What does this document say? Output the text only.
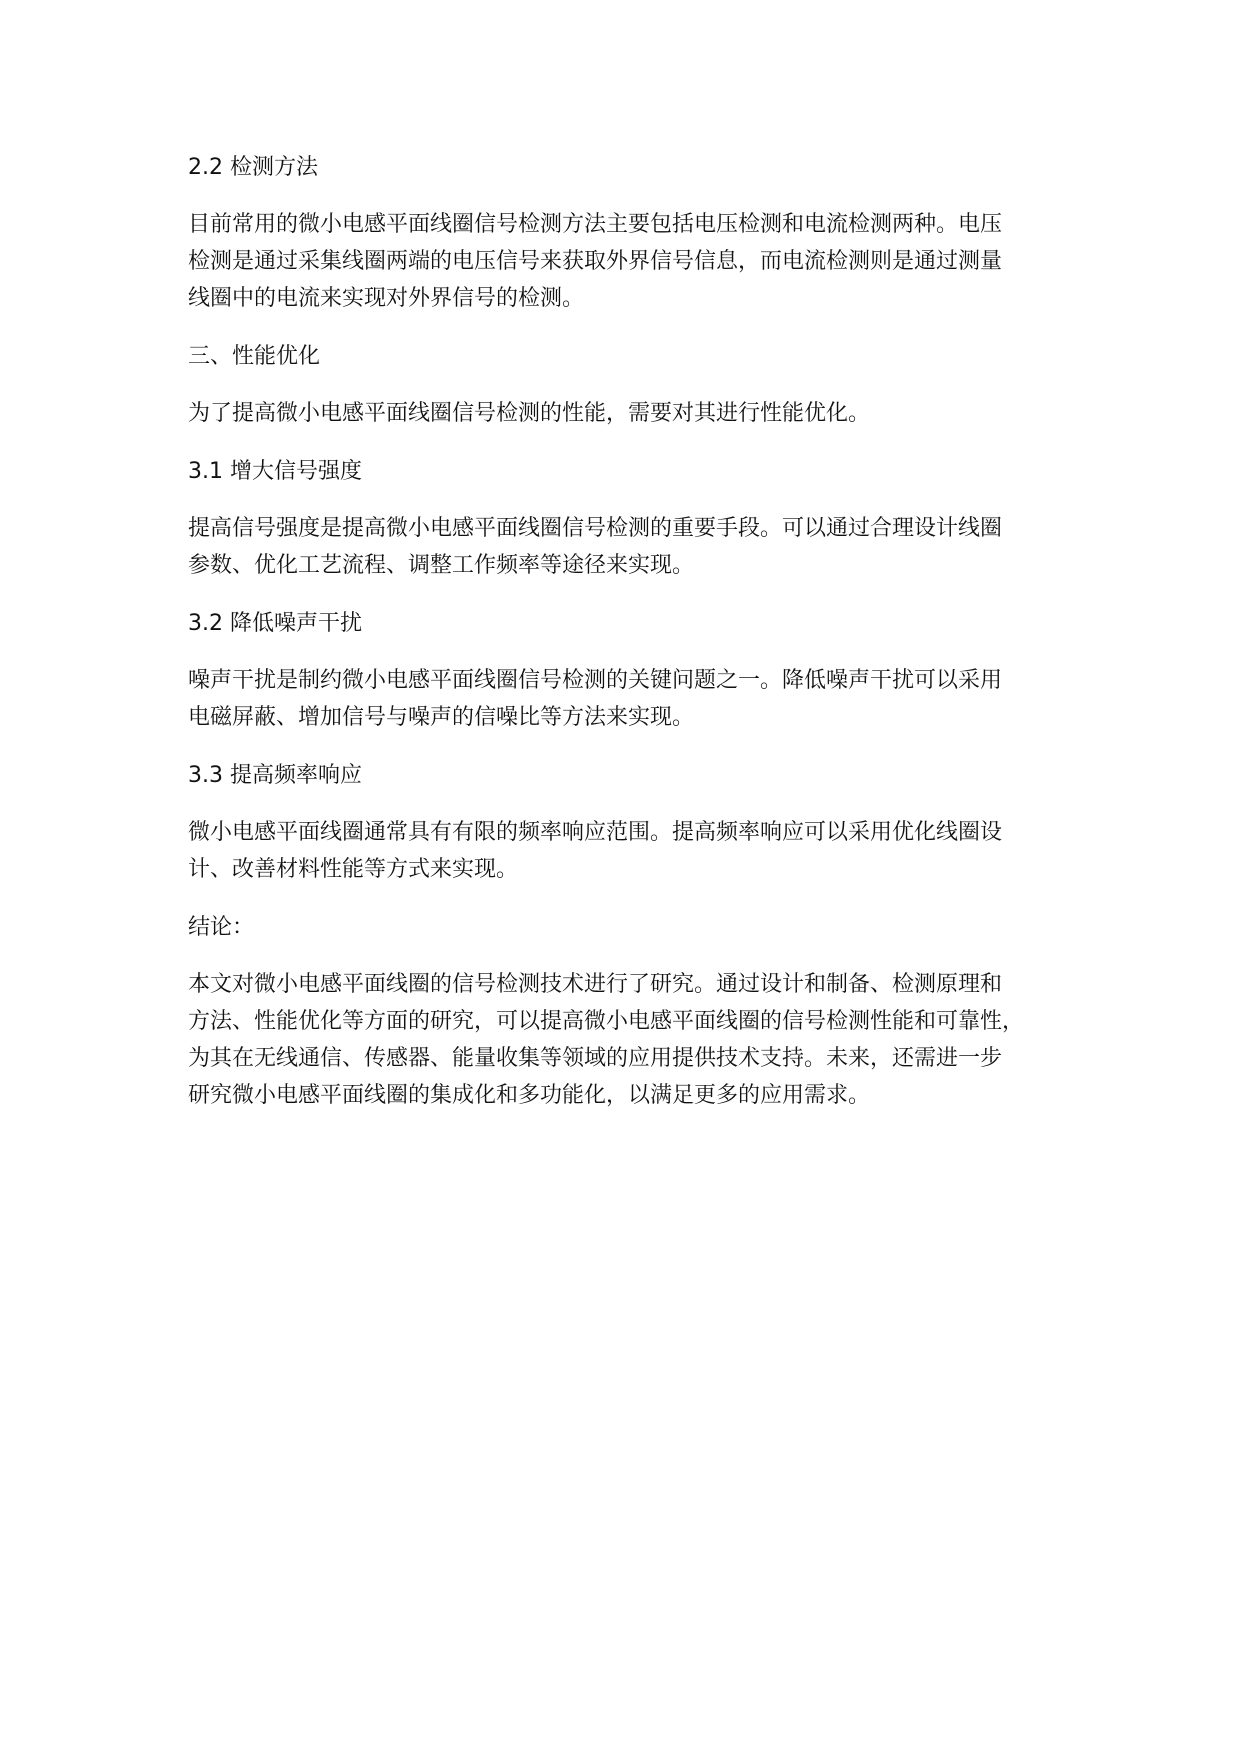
2.2 检测方法
目前常用的微小电感平面线圈信号检测方法主要包括电压检测和电流检测两种。电压
检测是通过采集线圈两端的电压信号来获取外界信号信息，而电流检测则是通过测量
线圈中的电流来实现对外界信号的检测。
三、性能优化
为了提高微小电感平面线圈信号检测的性能，需要对其进行性能优化。
3.1 增大信号强度
提高信号强度是提高微小电感平面线圈信号检测的重要手段。可以通过合理设计线圈
参数、优化工艺流程、调整工作频率等途径来实现。
3.2 降低噪声干扰
噪声干扰是制约微小电感平面线圈信号检测的关键问题之一。降低噪声干扰可以采用
电磁屏蔽、增加信号与噪声的信噪比等方法来实现。
3.3 提高频率响应
微小电感平面线圈通常具有有限的频率响应范围。提高频率响应可以采用优化线圈设
计、改善材料性能等方式来实现。
结论：
本文对微小电感平面线圈的信号检测技术进行了研究。通过设计和制备、检测原理和
方法、性能优化等方面的研究，可以提高微小电感平面线圈的信号检测性能和可靠性，
为其在无线通信、传感器、能量收集等领域的应用提供技术支持。未来，还需进一步
研究微小电感平面线圈的集成化和多功能化，以满足更多的应用需求。
